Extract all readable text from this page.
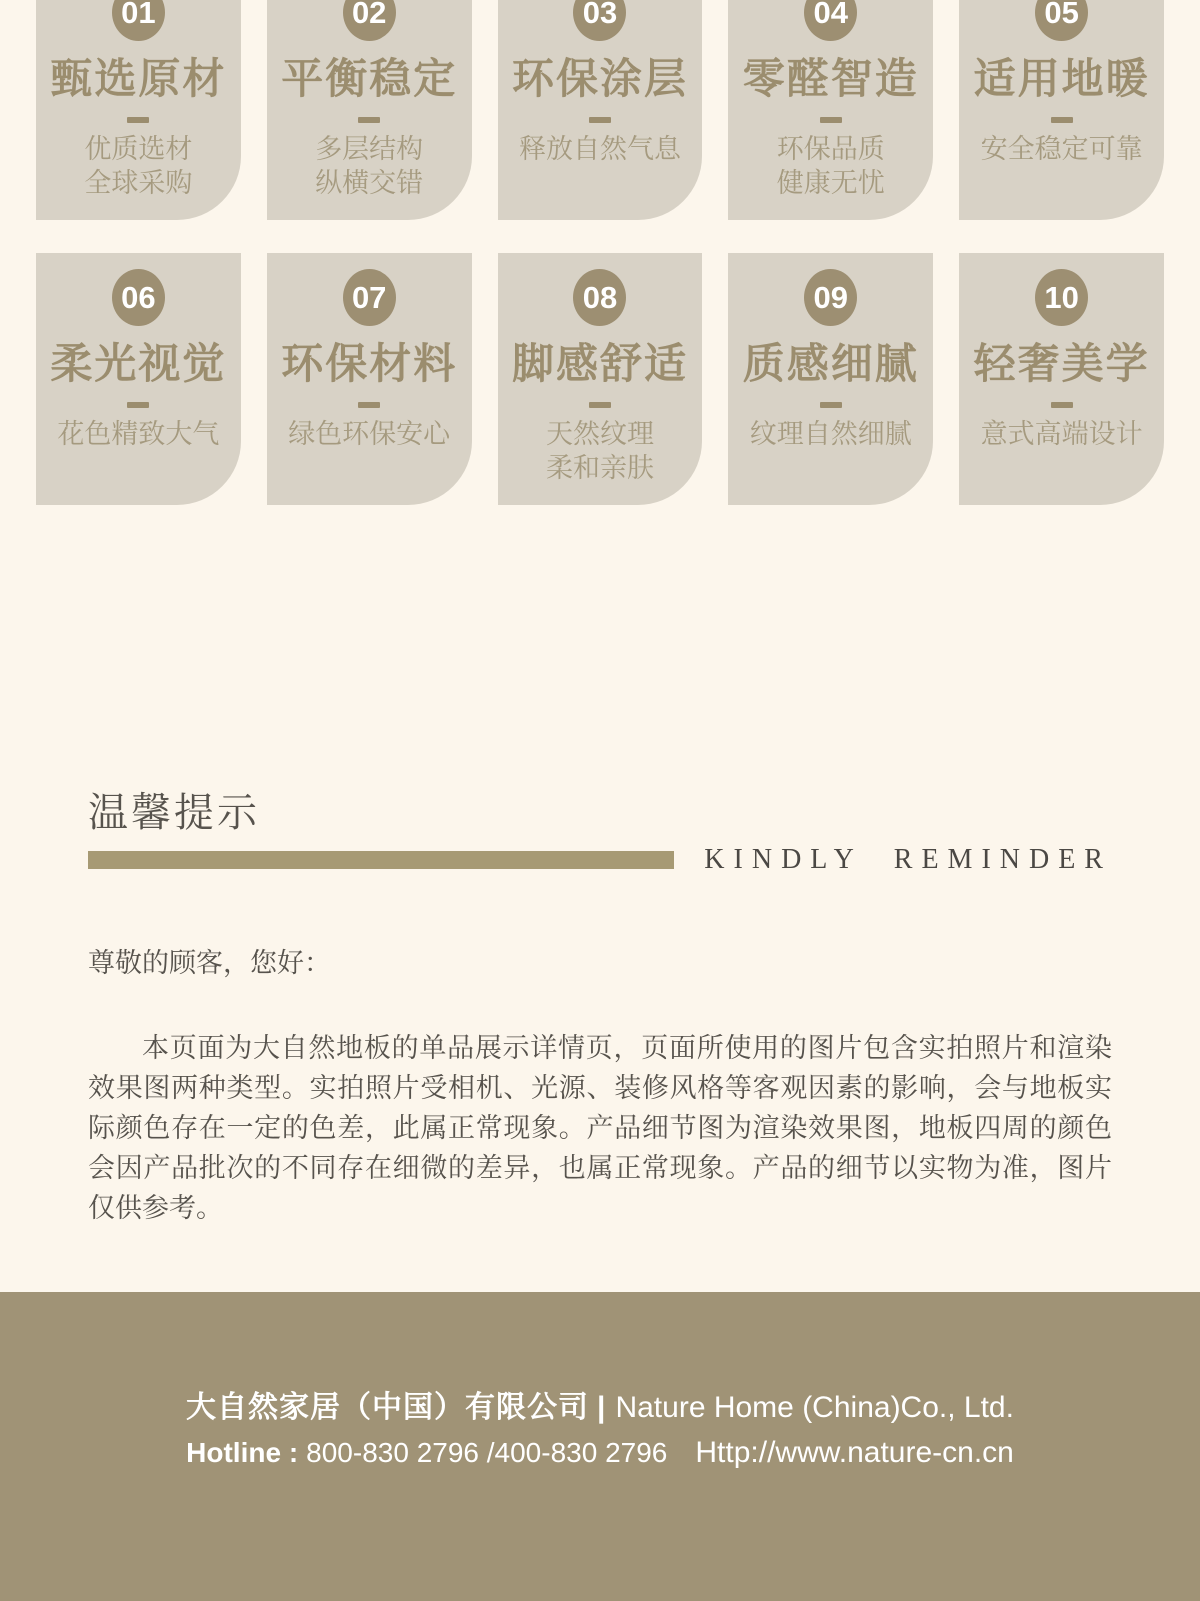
01
甄选原材
优质选材
全球采购
02
平衡稳定
多层结构
纵横交错
03
环保涂层
释放自然气息
04
零醛智造
环保品质
健康无忧
05
适用地暖
安全稳定可靠
06
柔光视觉
花色精致大气
07
环保材料
绿色环保安心
08
脚感舒适
天然纹理
柔和亲肤
09
质感细腻
纹理自然细腻
10
轻奢美学
意式高端设计
温馨提示
KINDLY REMINDER

尊敬的顾客，您好：

本页面为大自然地板的单品展示详情页，页面所使用的图片包含实拍照片和渲染效果图两种类型。实拍照片受相机、光源、装修风格等客观因素的影响，会与地板实际颜色存在一定的色差，此属正常现象。产品细节图为渲染效果图，地板四周的颜色会因产品批次的不同存在细微的差异，也属正常现象。产品的细节以实物为准，图片仅供参考。

大自然家居（中国）有限公司 | Nature Home (China)Co., Ltd.
Hotline : 800-830 2796 /400-830 2796 Http://www.nature-cn.cn
